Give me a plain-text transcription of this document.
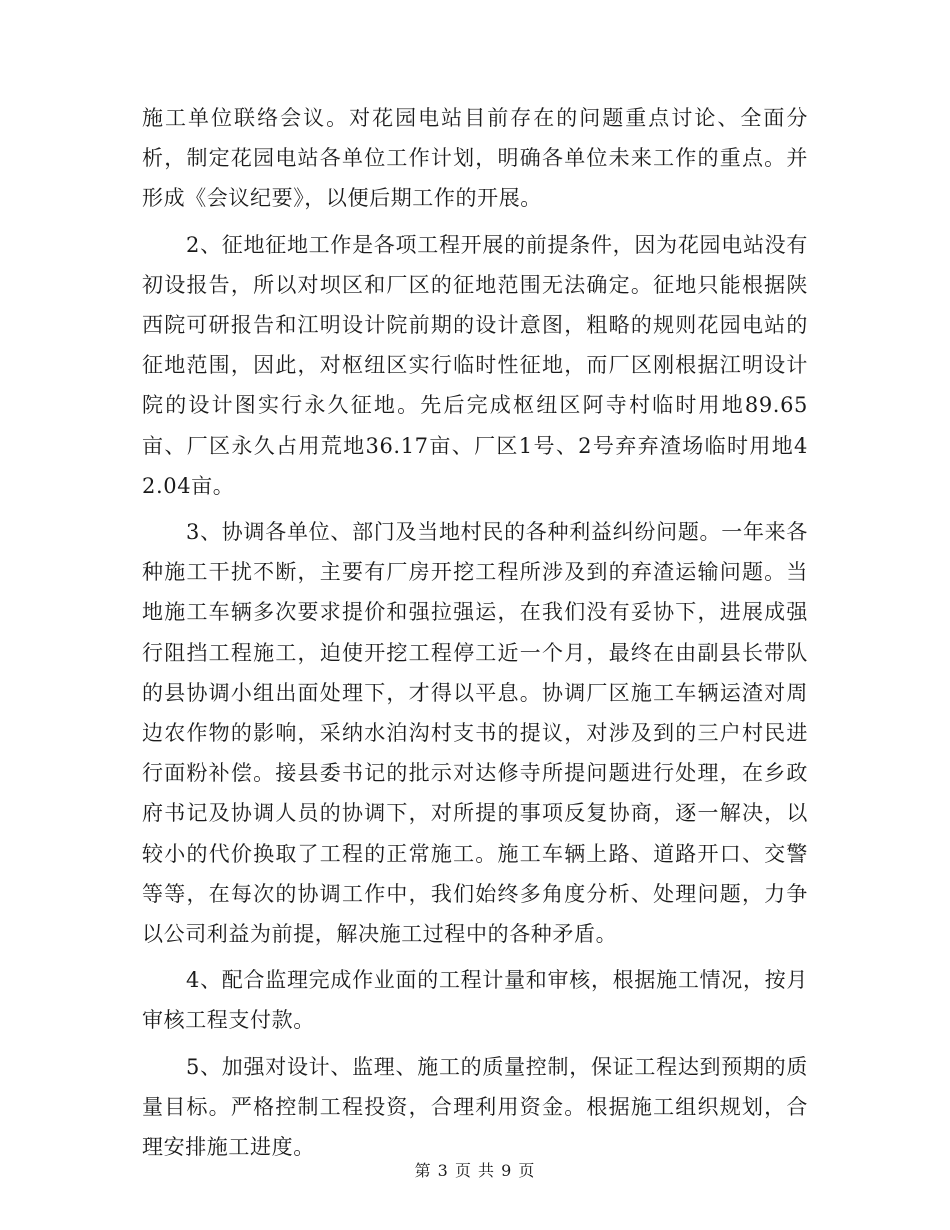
施工单位联络会议。对花园电站目前存在的问题重点讨论、全面分析，制定花园电站各单位工作计划，明确各单位未来工作的重点。并形成《会议纪要》，以便后期工作的开展。

2、征地征地工作是各项工程开展的前提条件，因为花园电站没有初设报告，所以对坝区和厂区的征地范围无法确定。征地只能根据陕西院可研报告和江明设计院前期的设计意图，粗略的规则花园电站的征地范围，因此，对枢纽区实行临时性征地，而厂区刚根据江明设计院的设计图实行永久征地。先后完成枢纽区阿寺村临时用地89.65亩、厂区永久占用荒地36.17亩、厂区1号、2号弃弃渣场临时用地42.04亩。

3、协调各单位、部门及当地村民的各种利益纠纷问题。一年来各种施工干扰不断，主要有厂房开挖工程所涉及到的弃渣运输问题。当地施工车辆多次要求提价和强拉强运，在我们没有妥协下，进展成强行阻挡工程施工，迫使开挖工程停工近一个月，最终在由副县长带队的县协调小组出面处理下，才得以平息。协调厂区施工车辆运渣对周边农作物的影响，采纳水泊沟村支书的提议，对涉及到的三户村民进行面粉补偿。接县委书记的批示对达修寺所提问题进行处理，在乡政府书记及协调人员的协调下，对所提的事项反复协商，逐一解决，以较小的代价换取了工程的正常施工。施工车辆上路、道路开口、交警等等，在每次的协调工作中，我们始终多角度分析、处理问题，力争以公司利益为前提，解决施工过程中的各种矛盾。

4、配合监理完成作业面的工程计量和审核，根据施工情况，按月审核工程支付款。

5、加强对设计、监理、施工的质量控制，保证工程达到预期的质量目标。严格控制工程投资，合理利用资金。根据施工组织规划，合理安排施工进度。

第 3 页 共 9 页
